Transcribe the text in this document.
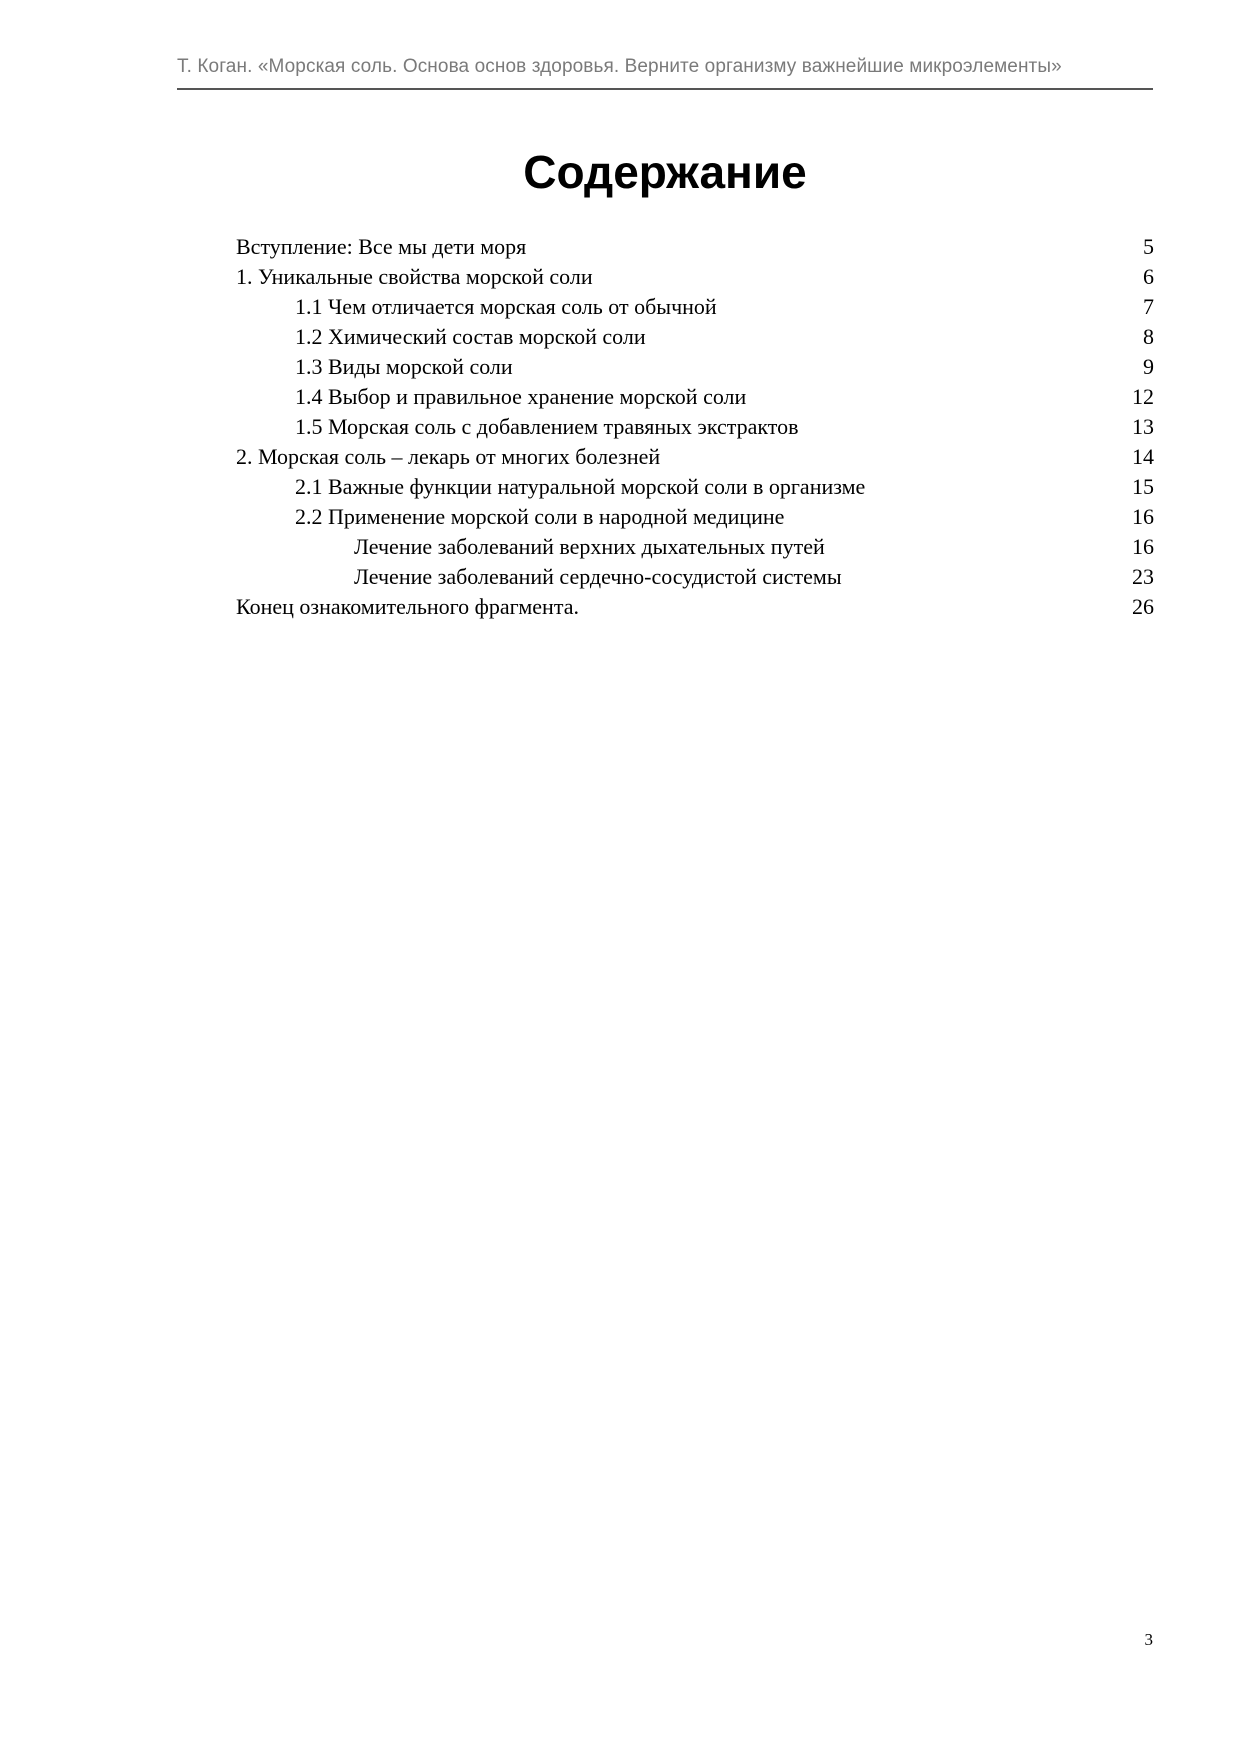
Т. Коган. «Морская соль. Основа основ здоровья. Верните организму важнейшие микроэлементы»
Содержание
Вступление: Все мы дети моря	5
1. Уникальные свойства морской соли	6
1.1 Чем отличается морская соль от обычной	7
1.2 Химический состав морской соли	8
1.3 Виды морской соли	9
1.4 Выбор и правильное хранение морской соли	12
1.5 Морская соль с добавлением травяных экстрактов	13
2. Морская соль – лекарь от многих болезней	14
2.1 Важные функции натуральной морской соли в организме	15
2.2 Применение морской соли в народной медицине	16
Лечение заболеваний верхних дыхательных путей	16
Лечение заболеваний сердечно-сосудистой системы	23
Конец ознакомительного фрагмента.	26
3
